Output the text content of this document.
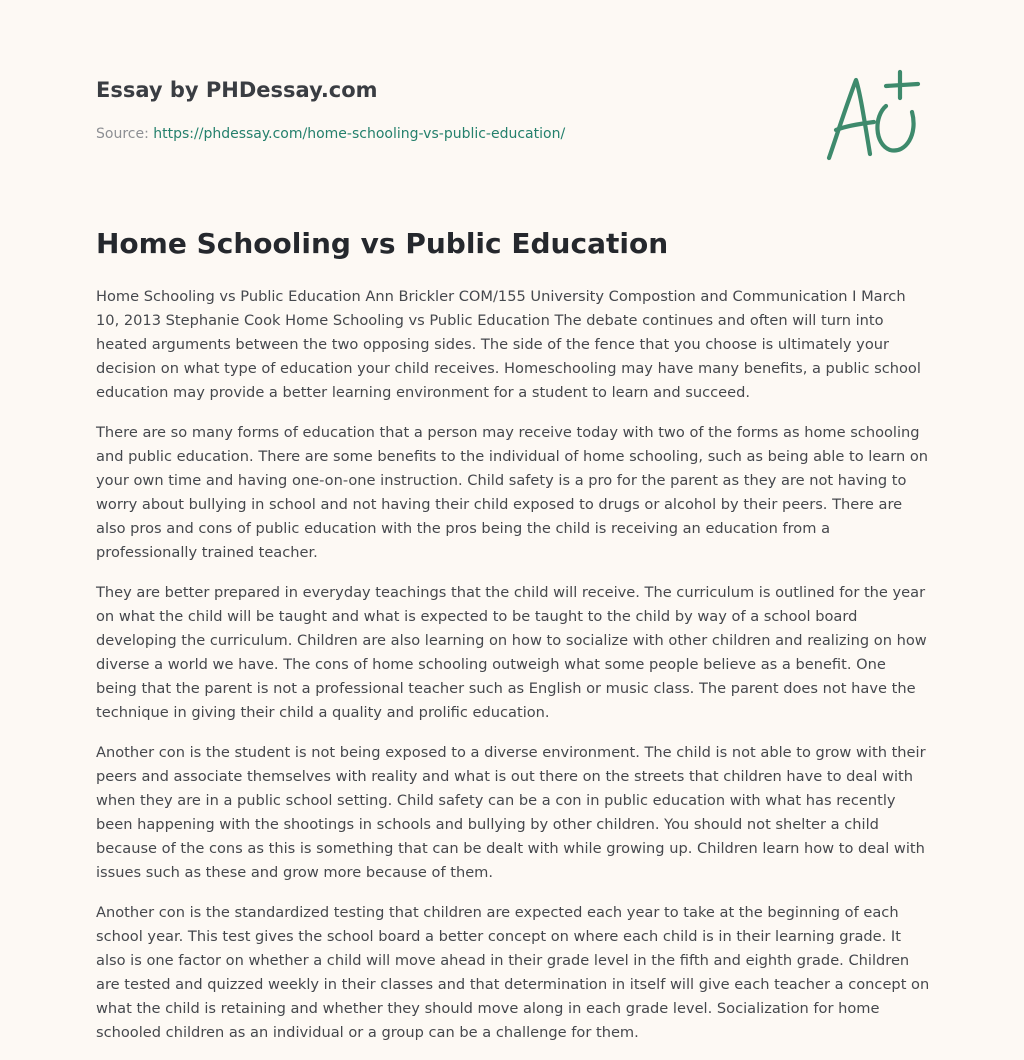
Essay by PHDessay.com
Source: https://phdessay.com/home-schooling-vs-public-education/
Home Schooling vs Public Education

Home Schooling vs Public Education Ann Brickler COM/155 University Compostion and Communication I March 10, 2013 Stephanie Cook Home Schooling vs Public Education The debate continues and often will turn into heated arguments between the two opposing sides. The side of the fence that you choose is ultimately your decision on what type of education your child receives. Homeschooling may have many benefits, a public school education may provide a better learning environment for a student to learn and succeed.

There are so many forms of education that a person may receive today with two of the forms as home schooling and public education. There are some benefits to the individual of home schooling, such as being able to learn on your own time and having one-on-one instruction. Child safety is a pro for the parent as they are not having to worry about bullying in school and not having their child exposed to drugs or alcohol by their peers. There are also pros and cons of public education with the pros being the child is receiving an education from a professionally trained teacher.

They are better prepared in everyday teachings that the child will receive. The curriculum is outlined for the year on what the child will be taught and what is expected to be taught to the child by way of a school board developing the curriculum. Children are also learning on how to socialize with other children and realizing on how diverse a world we have. The cons of home schooling outweigh what some people believe as a benefit. One being that the parent is not a professional teacher such as English or music class. The parent does not have the technique in giving their child a quality and prolific education.

Another con is the student is not being exposed to a diverse environment. The child is not able to grow with their peers and associate themselves with reality and what is out there on the streets that children have to deal with when they are in a public school setting. Child safety can be a con in public education with what has recently been happening with the shootings in schools and bullying by other children. You should not shelter a child because of the cons as this is something that can be dealt with while growing up. Children learn how to deal with issues such as these and grow more because of them.

Another con is the standardized testing that children are expected each year to take at the beginning of each school year. This test gives the school board a better concept on where each child is in their learning grade. It also is one factor on whether a child will move ahead in their grade level in the fifth and eighth grade. Children are tested and quizzed weekly in their classes and that determination in itself will give each teacher a concept on what the child is retaining and whether they should move along in each grade level. Socialization for home schooled children as an individual or a group can be a challenge for them.
